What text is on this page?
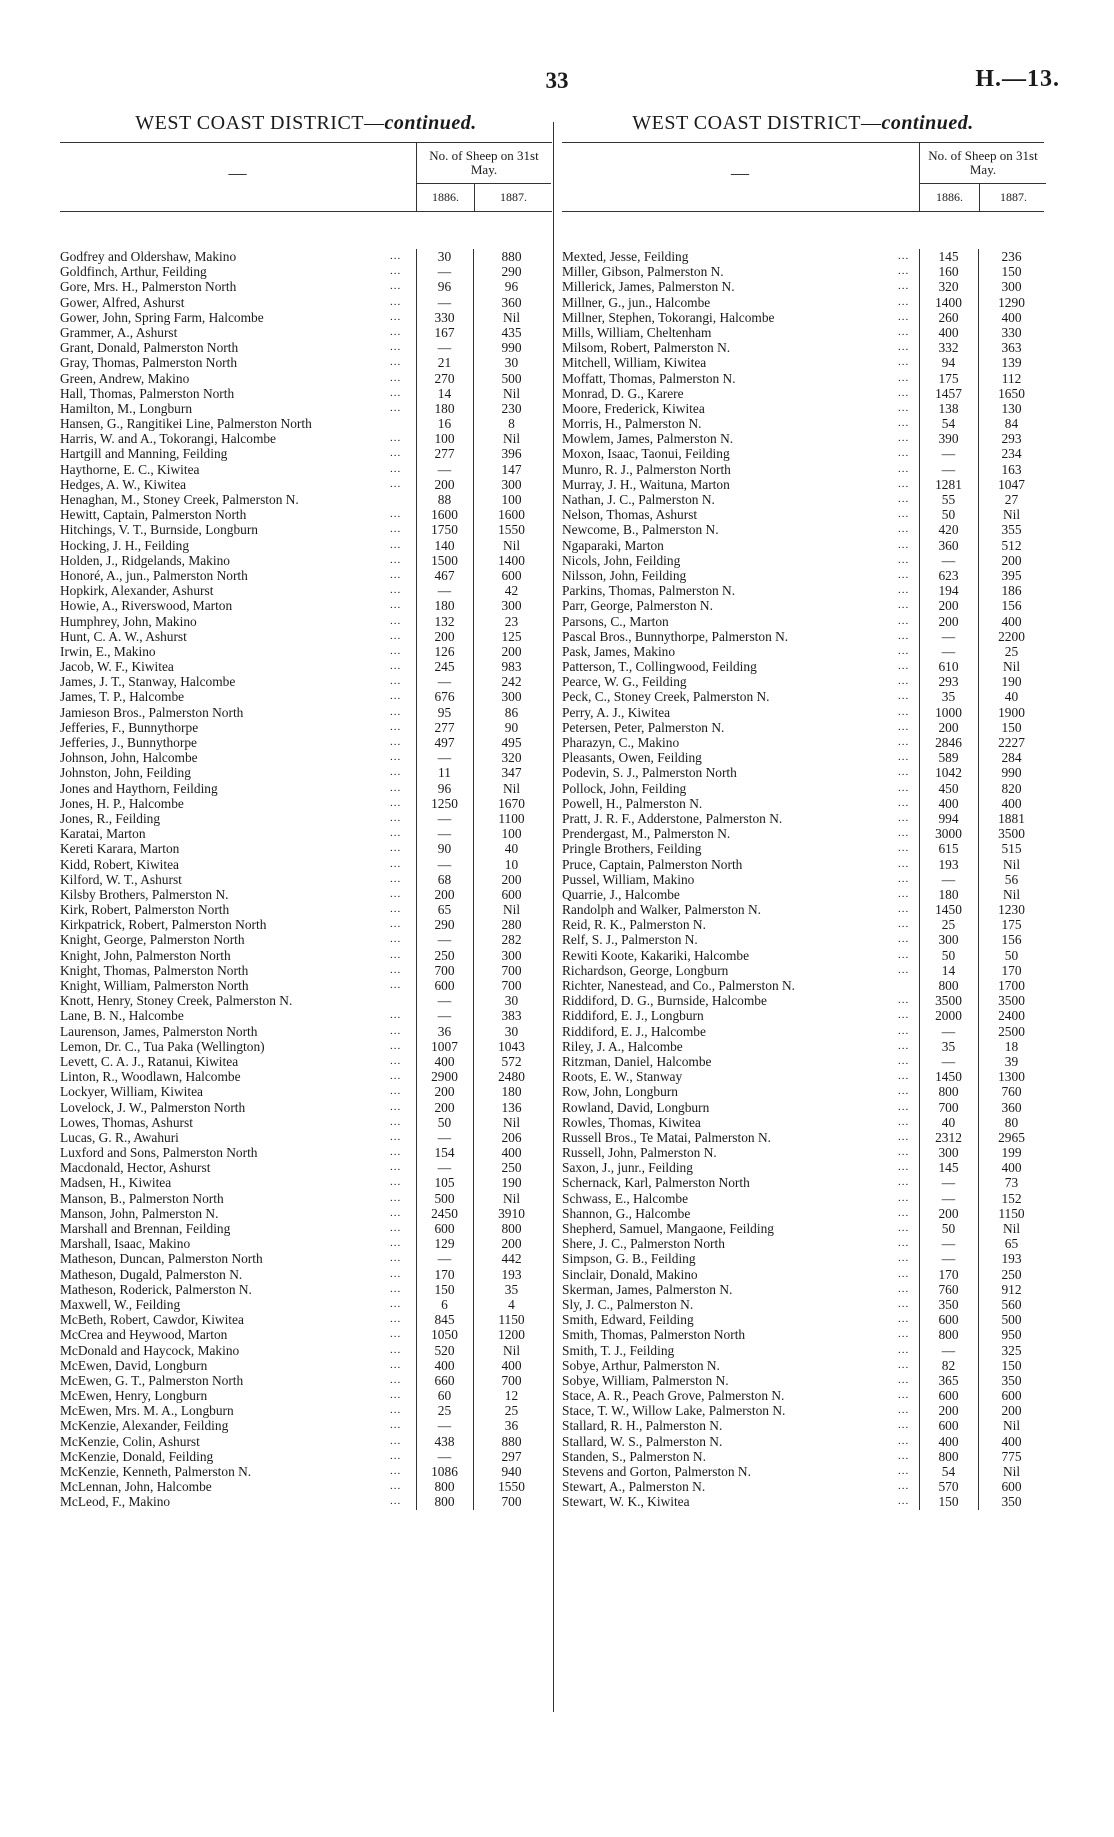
33	H.—13.
WEST COAST DISTRICT—continued.
—
No. of Sheep on 31st May.
1886.	1887.
Godfrey and Oldershaw, Makino	...	30	880
Goldfinch, Arthur, Feilding	...	—	290
Gore, Mrs. H., Palmerston North	...	96	96
Gower, Alfred, Ashurst	...	—	360
Gower, John, Spring Farm, Halcombe	...	330	Nil
Grammer, A., Ashurst	...	167	435
Grant, Donald, Palmerston North	...	—	990
Gray, Thomas, Palmerston North	...	21	30
Green, Andrew, Makino	...	270	500
Hall, Thomas, Palmerston North	...	14	Nil
Hamilton, M., Longburn	...	180	230
Hansen, G., Rangitikei Line, Palmerston North	16	8
Harris, W. and A., Tokorangi, Halcombe	...	100	Nil
Hartgill and Manning, Feilding	...	277	396
Haythorne, E. C., Kiwitea	...	—	147
Hedges, A. W., Kiwitea	...	200	300
Henaghan, M., Stoney Creek, Palmerston N.	88	100
Hewitt, Captain, Palmerston North	...	1600	1600
Hitchings, V. T., Burnside, Longburn	...	1750	1550
Hocking, J. H., Feilding	...	140	Nil
Holden, J., Ridgelands, Makino	...	1500	1400
Honoré, A., jun., Palmerston North	...	467	600
Hopkirk, Alexander, Ashurst	...	—	42
Howie, A., Riverswood, Marton	...	180	300
Humphrey, John, Makino	...	132	23
Hunt, C. A. W., Ashurst	...	200	125
Irwin, E., Makino	...	126	200
Jacob, W. F., Kiwitea	...	245	983
James, J. T., Stanway, Halcombe	...	—	242
James, T. P., Halcombe	...	676	300
Jamieson Bros., Palmerston North	...	95	86
Jefferies, F., Bunnythorpe	...	277	90
Jefferies, J., Bunnythorpe	...	497	495
Johnson, John, Halcombe	...	—	320
Johnston, John, Feilding	...	11	347
Jones and Haythorn, Feilding	...	96	Nil
Jones, H. P., Halcombe	...	1250	1670
Jones, R., Feilding	...	—	1100
Karatai, Marton	...	—	100
Kereti Karara, Marton	...	90	40
Kidd, Robert, Kiwitea	...	—	10
Kilford, W. T., Ashurst	...	68	200
Kilsby Brothers, Palmerston N.	...	200	600
Kirk, Robert, Palmerston North	...	65	Nil
Kirkpatrick, Robert, Palmerston North	...	290	280
Knight, George, Palmerston North	...	—	282
Knight, John, Palmerston North	...	250	300
Knight, Thomas, Palmerston North	...	700	700
Knight, William, Palmerston North	...	600	700
Knott, Henry, Stoney Creek, Palmerston N.	—	30
Lane, B. N., Halcombe	...	—	383
Laurenson, James, Palmerston North	...	36	30
Lemon, Dr. C., Tua Paka (Wellington)	...	1007	1043
Levett, C. A. J., Ratanui, Kiwitea	...	400	572
Linton, R., Woodlawn, Halcombe	...	2900	2480
Lockyer, William, Kiwitea	...	200	180
Lovelock, J. W., Palmerston North	...	200	136
Lowes, Thomas, Ashurst	...	50	Nil
Lucas, G. R., Awahuri	...	—	206
Luxford and Sons, Palmerston North	...	154	400
Macdonald, Hector, Ashurst	...	—	250
Madsen, H., Kiwitea	...	105	190
Manson, B., Palmerston North	...	500	Nil
Manson, John, Palmerston N.	...	2450	3910
Marshall and Brennan, Feilding	...	600	800
Marshall, Isaac, Makino	...	129	200
Matheson, Duncan, Palmerston North	...	—	442
Matheson, Dugald, Palmerston N.	...	170	193
Matheson, Roderick, Palmerston N.	...	150	35
Maxwell, W., Feilding	...	6	4
McBeth, Robert, Cawdor, Kiwitea	...	845	1150
McCrea and Heywood, Marton	...	1050	1200
McDonald and Haycock, Makino	...	520	Nil
McEwen, David, Longburn	...	400	400
McEwen, G. T., Palmerston North	...	660	700
McEwen, Henry, Longburn	...	60	12
McEwen, Mrs. M. A., Longburn	...	25	25
McKenzie, Alexander, Feilding	...	—	36
McKenzie, Colin, Ashurst	...	438	880
McKenzie, Donald, Feilding	...	—	297
McKenzie, Kenneth, Palmerston N.	...	1086	940
McLennan, John, Halcombe	...	800	1550
McLeod, F., Makino	...	800	700
WEST COAST DISTRICT—continued.
—
No. of Sheep on 31st May.
1886.	1887.
Mexted, Jesse, Feilding	...	145	236
Miller, Gibson, Palmerston N.	...	160	150
Millerick, James, Palmerston N.	...	320	300
Millner, G., jun., Halcombe	...	1400	1290
Millner, Stephen, Tokorangi, Halcombe	...	260	400
Mills, William, Cheltenham	...	400	330
Milsom, Robert, Palmerston N.	...	332	363
Mitchell, William, Kiwitea	...	94	139
Moffatt, Thomas, Palmerston N.	...	175	112
Monrad, D. G., Karere	...	1457	1650
Moore, Frederick, Kiwitea	...	138	130
Morris, H., Palmerston N.	...	54	84
Mowlem, James, Palmerston N.	...	390	293
Moxon, Isaac, Taonui, Feilding	...	—	234
Munro, R. J., Palmerston North	...	—	163
Murray, J. H., Waituna, Marton	...	1281	1047
Nathan, J. C., Palmerston N.	...	55	27
Nelson, Thomas, Ashurst	...	50	Nil
Newcome, B., Palmerston N.	...	420	355
Ngaparaki, Marton	...	360	512
Nicols, John, Feilding	...	—	200
Nilsson, John, Feilding	...	623	395
Parkins, Thomas, Palmerston N.	...	194	186
Parr, George, Palmerston N.	...	200	156
Parsons, C., Marton	...	200	400
Pascal Bros., Bunnythorpe, Palmerston N.	...	—	2200
Pask, James, Makino	...	—	25
Patterson, T., Collingwood, Feilding	...	610	Nil
Pearce, W. G., Feilding	...	293	190
Peck, C., Stoney Creek, Palmerston N.	...	35	40
Perry, A. J., Kiwitea	...	1000	1900
Petersen, Peter, Palmerston N.	...	200	150
Pharazyn, C., Makino	...	2846	2227
Pleasants, Owen, Feilding	...	589	284
Podevin, S. J., Palmerston North	...	1042	990
Pollock, John, Feilding	...	450	820
Powell, H., Palmerston N.	...	400	400
Pratt, J. R. F., Adderstone, Palmerston N.	...	994	1881
Prendergast, M., Palmerston N.	...	3000	3500
Pringle Brothers, Feilding	...	615	515
Pruce, Captain, Palmerston North	...	193	Nil
Pussel, William, Makino	...	—	56
Quarrie, J., Halcombe	...	180	Nil
Randolph and Walker, Palmerston N.	...	1450	1230
Reid, R. K., Palmerston N.	...	25	175
Relf, S. J., Palmerston N.	...	300	156
Rewiti Koote, Kakariki, Halcombe	...	50	50
Richardson, George, Longburn	...	14	170
Richter, Nanestead, and Co., Palmerston N.	800	1700
Riddiford, D. G., Burnside, Halcombe	...	3500	3500
Riddiford, E. J., Longburn	...	2000	2400
Riddiford, E. J., Halcombe	...	—	2500
Riley, J. A., Halcombe	...	35	18
Ritzman, Daniel, Halcombe	...	—	39
Roots, E. W., Stanway	...	1450	1300
Row, John, Longburn	...	800	760
Rowland, David, Longburn	...	700	360
Rowles, Thomas, Kiwitea	...	40	80
Russell Bros., Te Matai, Palmerston N.	...	2312	2965
Russell, John, Palmerston N.	...	300	199
Saxon, J., junr., Feilding	...	145	400
Schernack, Karl, Palmerston North	...	—	73
Schwass, E., Halcombe	...	—	152
Shannon, G., Halcombe	...	200	1150
Shepherd, Samuel, Mangaone, Feilding	...	50	Nil
Shere, J. C., Palmerston North	...	—	65
Simpson, G. B., Feilding	...	—	193
Sinclair, Donald, Makino	...	170	250
Skerman, James, Palmerston N.	...	760	912
Sly, J. C., Palmerston N.	...	350	560
Smith, Edward, Feilding	...	600	500
Smith, Thomas, Palmerston North	...	800	950
Smith, T. J., Feilding	...	—	325
Sobye, Arthur, Palmerston N.	...	82	150
Sobye, William, Palmerston N.	...	365	350
Stace, A. R., Peach Grove, Palmerston N.	...	600	600
Stace, T. W., Willow Lake, Palmerston N.	...	200	200
Stallard, R. H., Palmerston N.	...	600	Nil
Stallard, W. S., Palmerston N.	...	400	400
Standen, S., Palmerston N.	...	800	775
Stevens and Gorton, Palmerston N.	...	54	Nil
Stewart, A., Palmerston N.	...	570	600
Stewart, W. K., Kiwitea	...	150	350
